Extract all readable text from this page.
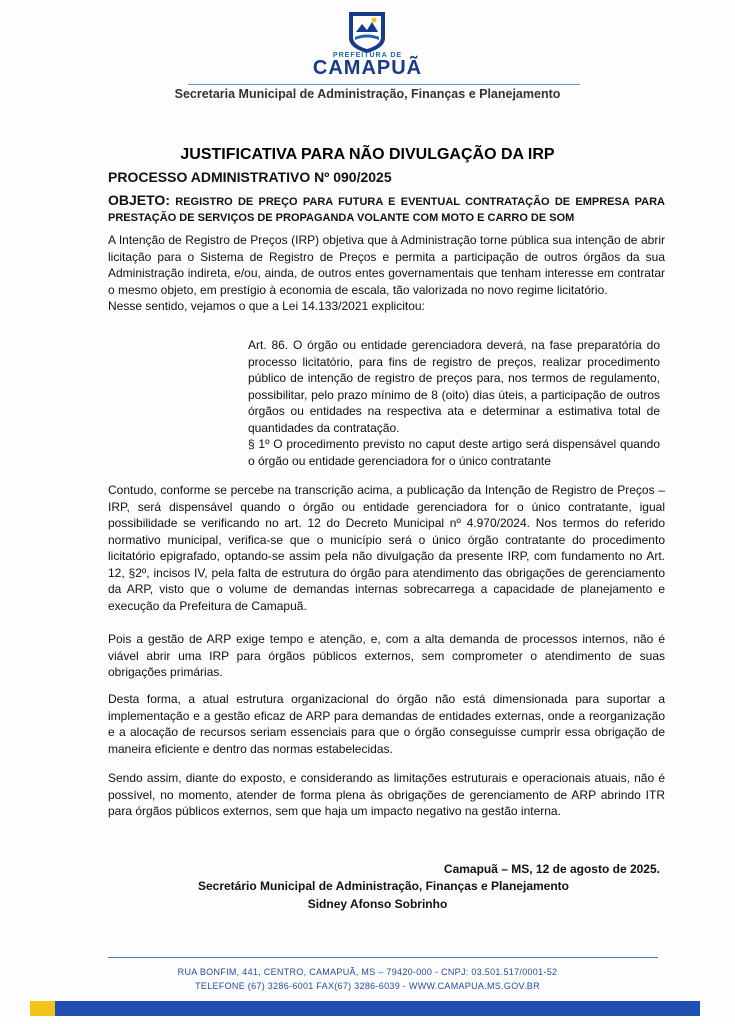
PREFEITURA DE
CAMAPUÃ
Secretaria Municipal de Administração, Finanças e Planejamento
JUSTIFICATIVA PARA NÃO DIVULGAÇÃO DA IRP
PROCESSO ADMINISTRATIVO Nº 090/2025
OBJETO: REGISTRO DE PREÇO PARA FUTURA E EVENTUAL CONTRATAÇÃO DE EMPRESA PARA PRESTAÇÃO DE SERVIÇOS DE PROPAGANDA VOLANTE COM MOTO E CARRO DE SOM

A Intenção de Registro de Preços (IRP) objetiva que à Administração torne pública sua intenção de abrir licitação para o Sistema de Registro de Preços e permita a participação de outros órgãos da sua Administração indireta, e/ou, ainda, de outros entes governamentais que tenham interesse em contratar o mesmo objeto, em prestígio à economia de escala, tão valorizada no novo regime licitatório.

Nesse sentido, vejamos o que a Lei 14.133/2021 explicitou:

Art. 86. O órgão ou entidade gerenciadora deverá, na fase preparatória do processo licitatório, para fins de registro de preços, realizar procedimento público de intenção de registro de preços para, nos termos de regulamento, possibilitar, pelo prazo mínimo de 8 (oito) dias úteis, a participação de outros órgãos ou entidades na respectiva ata e determinar a estimativa total de quantidades da contratação.

§ 1º O procedimento previsto no caput deste artigo será dispensável quando o órgão ou entidade gerenciadora for o único contratante

Contudo, conforme se percebe na transcrição acima, a publicação da Intenção de Registro de Preços – IRP, será dispensável quando o órgão ou entidade gerenciadora for o único contratante, igual possibilidade se verificando no art. 12 do Decreto Municipal nº 4.970/2024. Nos termos do referido normativo municipal, verifica-se que o município será o único órgão contratante do procedimento licitatório epigrafado, optando-se assim pela não divulgação da presente IRP, com fundamento no Art. 12, §2º, incisos IV, pela falta de estrutura do órgão para atendimento das obrigações de gerenciamento da ARP, visto que o volume de demandas internas sobrecarrega a capacidade de planejamento e execução da Prefeitura de Camapuã.

Pois a gestão de ARP exige tempo e atenção, e, com a alta demanda de processos internos, não é viável abrir uma IRP para órgãos públicos externos, sem comprometer o atendimento de suas obrigações primárias.

Desta forma, a atual estrutura organizacional do órgão não está dimensionada para suportar a implementação e a gestão eficaz de ARP para demandas de entidades externas, onde a reorganização e a alocação de recursos seriam essenciais para que o órgão conseguisse cumprir essa obrigação de maneira eficiente e dentro das normas estabelecidas.

Sendo assim, diante do exposto, e considerando as limitações estruturais e operacionais atuais, não é possível, no momento, atender de forma plena às obrigações de gerenciamento de ARP abrindo ITR para órgãos públicos externos, sem que haja um impacto negativo na gestão interna.

Camapuã – MS, 12 de agosto de 2025.
Secretário Municipal de Administração, Finanças e Planejamento
Sidney Afonso Sobrinho
RUA BONFIM, 441, CENTRO, CAMAPUÃ, MS – 79420-000 - CNPJ: 03.501.517/0001-52
TELEFONE (67) 3286-6001 FAX(67) 3286-6039 - WWW.CAMAPUA.MS.GOV.BR
